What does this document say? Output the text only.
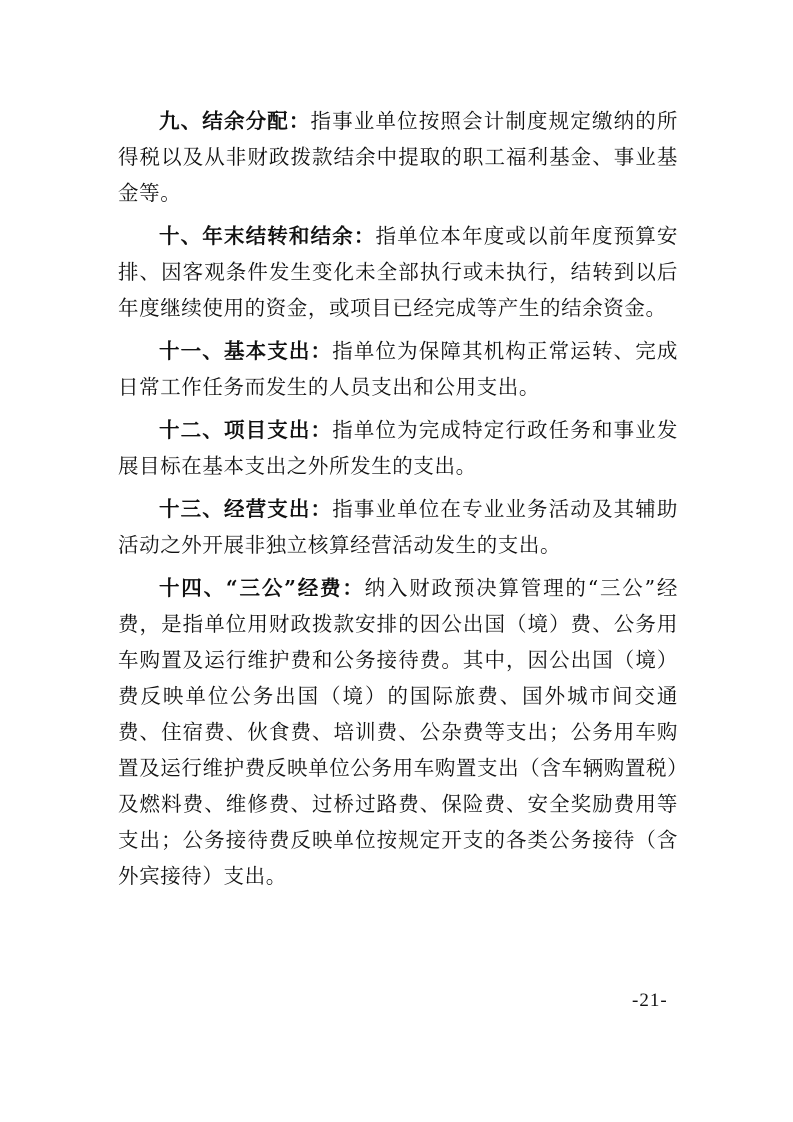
九、结余分配：指事业单位按照会计制度规定缴纳的所得税以及从非财政拨款结余中提取的职工福利基金、事业基金等。

十、年末结转和结余：指单位本年度或以前年度预算安排、因客观条件发生变化未全部执行或未执行，结转到以后年度继续使用的资金，或项目已经完成等产生的结余资金。

十一、基本支出：指单位为保障其机构正常运转、完成日常工作任务而发生的人员支出和公用支出。

十二、项目支出：指单位为完成特定行政任务和事业发展目标在基本支出之外所发生的支出。

十三、经营支出：指事业单位在专业业务活动及其辅助活动之外开展非独立核算经营活动发生的支出。

十四、“三公”经费：纳入财政预决算管理的“三公”经费，是指单位用财政拨款安排的因公出国（境）费、公务用车购置及运行维护费和公务接待费。其中，因公出国（境）费反映单位公务出国（境）的国际旅费、国外城市间交通费、住宿费、伙食费、培训费、公杂费等支出；公务用车购置及运行维护费反映单位公务用车购置支出（含车辆购置税）及燃料费、维修费、过桥过路费、保险费、安全奖励费用等支出；公务接待费反映单位按规定开支的各类公务接待（含外宾接待）支出。

-21-
